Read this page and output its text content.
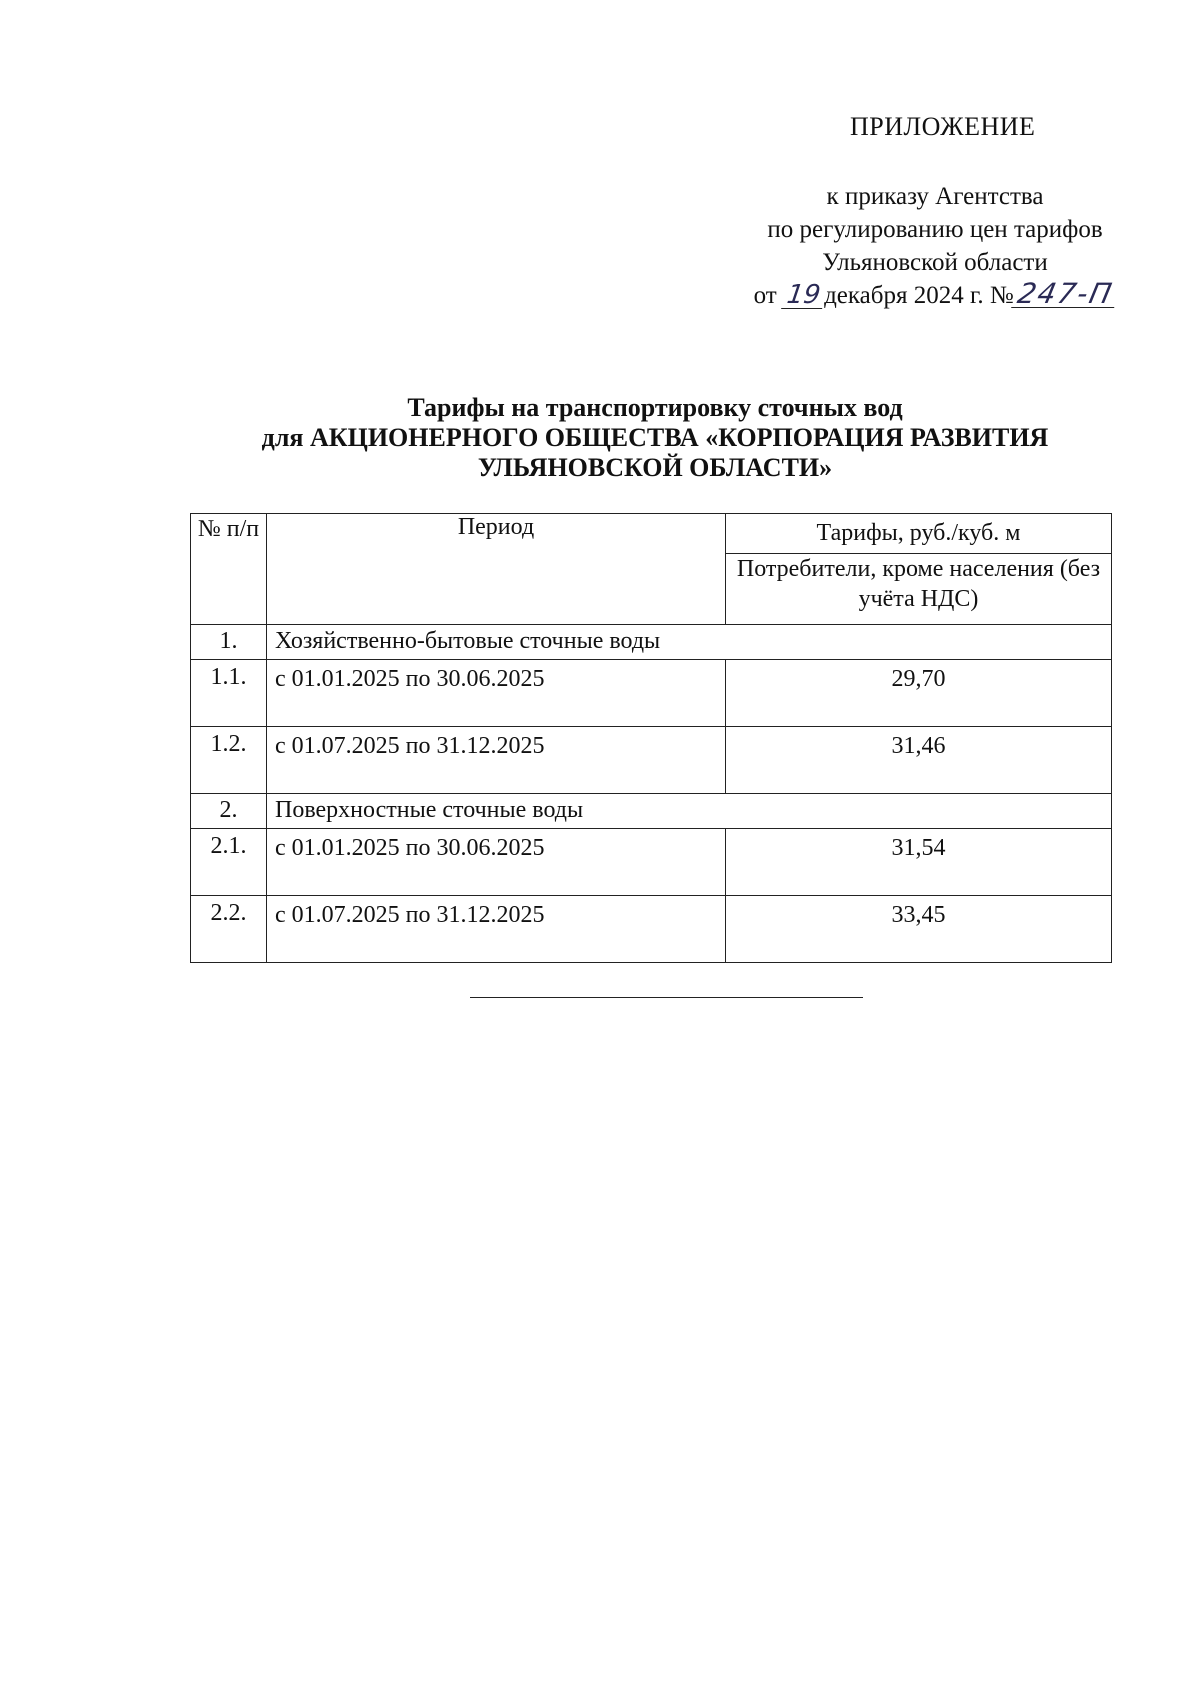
ПРИЛОЖЕНИЕ
к приказу Агентства
по регулированию цен тарифов
Ульяновской области
от 19декабря 2024 г. №247-П
Тарифы на транспортировку сточных вод
для АКЦИОНЕРНОГО ОБЩЕСТВА «КОРПОРАЦИЯ РАЗВИТИЯ
УЛЬЯНОВСКОЙ ОБЛАСТИ»
№ п/п	Период	Тарифы, руб./куб. м
		Потребители, кроме населения (без учёта НДС)
1.	Хозяйственно-бытовые сточные воды	
1.1.	с 01.01.2025 по 30.06.2025	29,70
1.2.	с 01.07.2025 по 31.12.2025	31,46
2.	Поверхностные сточные воды	
2.1.	с 01.01.2025 по 30.06.2025	31,54
2.2.	с 01.07.2025 по 31.12.2025	33,45
